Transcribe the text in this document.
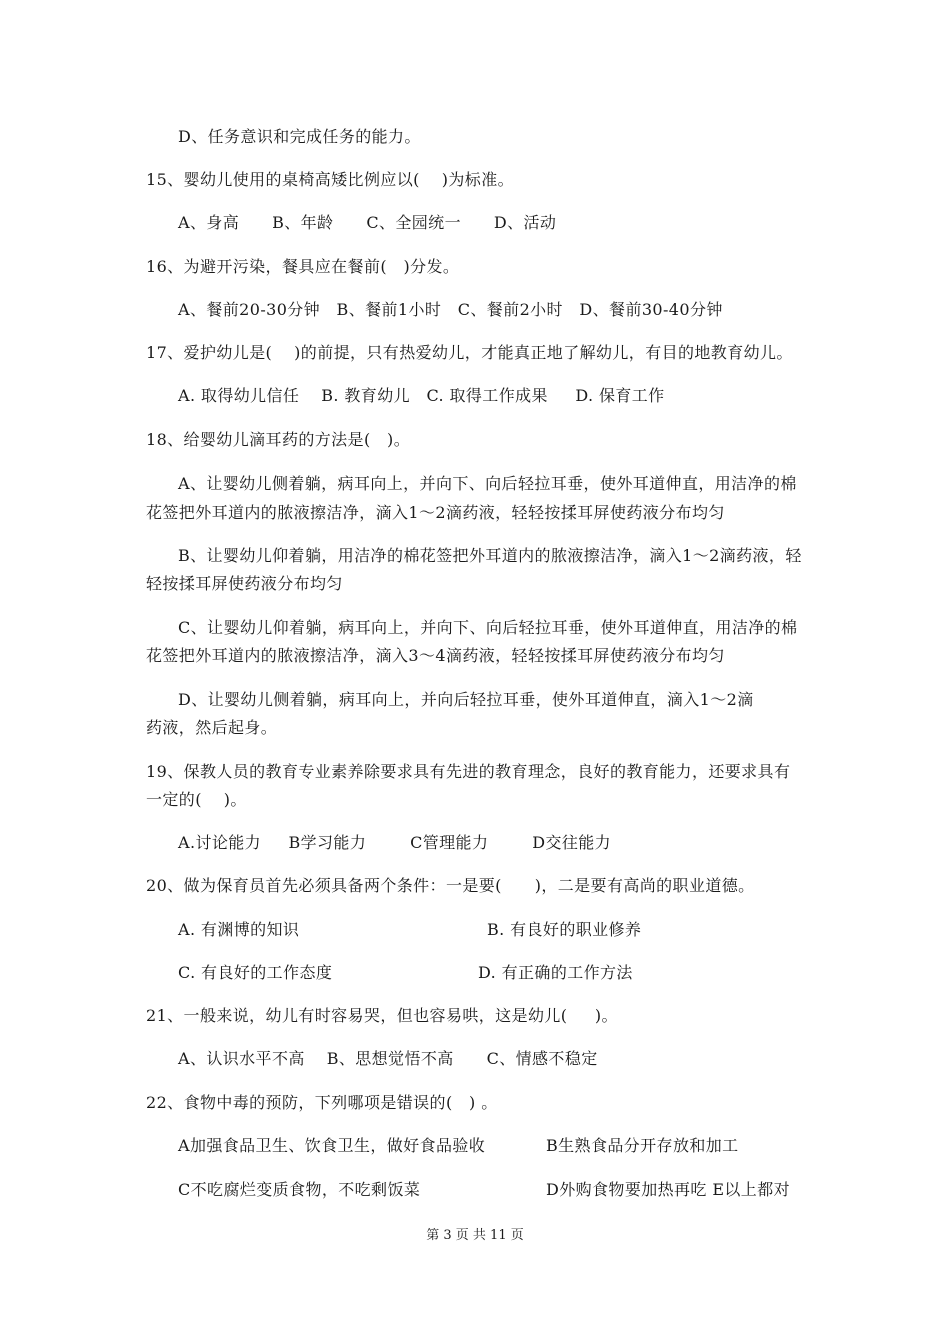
D、任务意识和完成任务的能力。
15、婴幼儿使用的桌椅高矮比例应以(    )为标准。
A、身高      B、年龄      C、全园统一      D、活动
16、为避开污染，餐具应在餐前(   )分发。
A、餐前20-30分钟   B、餐前1小时   C、餐前2小时   D、餐前30-40分钟
17、爱护幼儿是(    )的前提，只有热爱幼儿，才能真正地了解幼儿，有目的地教育幼儿。
A. 取得幼儿信任    B. 教育幼儿   C. 取得工作成果     D. 保育工作
18、给婴幼儿滴耳药的方法是(   )。
A、让婴幼儿侧着躺，病耳向上，并向下、向后轻拉耳垂，使外耳道伸直，用洁净的棉
花签把外耳道内的脓液擦洁净，滴入1～2滴药液，轻轻按揉耳屏使药液分布均匀
B、让婴幼儿仰着躺，用洁净的棉花签把外耳道内的脓液擦洁净，滴入1～2滴药液，轻
轻按揉耳屏使药液分布均匀
C、让婴幼儿仰着躺，病耳向上，并向下、向后轻拉耳垂，使外耳道伸直，用洁净的棉
花签把外耳道内的脓液擦洁净，滴入3～4滴药液，轻轻按揉耳屏使药液分布均匀
D、让婴幼儿侧着躺，病耳向上，并向后轻拉耳垂，使外耳道伸直，滴入1～2滴
药液，然后起身。
19、保教人员的教育专业素养除要求具有先进的教育理念，良好的教育能力，还要求具有
一定的(    )。
A.讨论能力     B学习能力        C管理能力        D交往能力
20、做为保育员首先必须具备两个条件：一是要(      )，二是要有高尚的职业道德。
A. 有渊博的知识	B. 有良好的职业修养
C. 有良好的工作态度	D. 有正确的工作方法
21、一般来说，幼儿有时容易哭，但也容易哄，这是幼儿(     )。
A、认识水平不高    B、思想觉悟不高      C、情感不稳定
22、食物中毒的预防，下列哪项是错误的(   ) 。
A加强食品卫生、饮食卫生，做好食品验收	B生熟食品分开存放和加工
C不吃腐烂变质食物，不吃剩饭菜	D外购食物要加热再吃 E以上都对
第 3 页 共 11 页
